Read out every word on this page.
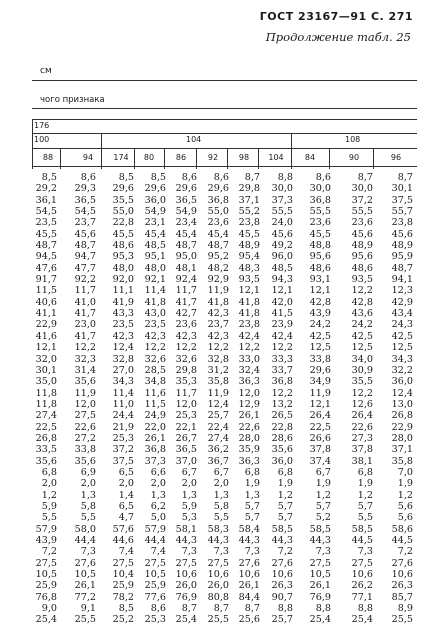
ГОСТ 23167—91 С. 271
Продолжение табл. 25
см
чого признака
176
100	104	108
88	94	174	80	86	92	98	104	84	90	96
8,5	8,6	8,5	8,5	8,6	8,6	8,7	8,8	8,6	8,7	8,7
29,2	29,3	29,6	29,6	29,6	29,6	29,8	30,0	30,0	30,0	30,1
36,1	36,5	35,5	36,0	36,5	36,8	37,1	37,3	36,8	37,2	37,5
54,5	54,5	55,0	54,9	54,9	55,0	55,2	55,5	55,5	55,5	55,7
23,5	23,7	22,8	23,1	23,4	23,6	23,8	24,0	23,6	23,6	23,8
45,5	45,6	45,5	45,4	45,4	45,4	45,5	45,6	45,5	45,6	45,6
48,7	48,7	48,6	48,5	48,7	48,7	48,9	49,2	48,8	48,9	48,9
94,5	94,7	95,3	95,1	95,0	95,2	95,4	96,0	95,6	95,6	95,9
47,6	47,7	48,0	48,0	48,1	48,2	48,3	48,5	48,6	48,6	48,7
91,7	92,2	92,0	92,1	92,4	92,9	93,5	94,3	93,1	93,5	94,1
11,5	11,7	11,1	11,4	11,7	11,9	12,1	12,1	12,1	12,2	12,3
40,6	41,0	41,9	41,8	41,7	41,8	41,8	42,0	42,8	42,8	42,9
41,1	41,7	43,3	43,0	42,7	42,3	41,8	41,5	43,9	43,6	43,4
22,9	23,0	23,5	23,5	23,6	23,7	23,8	23,9	24,2	24,2	24,3
41,6	41,7	42,3	42,3	42,3	42,3	42,4	42,4	42,5	42,5	42,5
12,1	12,2	12,4	12,2	12,2	12,2	12,2	12,2	12,5	12,5	12,5
32,0	32,3	32,8	32,6	32,6	32,8	33,0	33,3	33,8	34,0	34,3
30,1	31,4	27,0	28,5	29,8	31,2	32,4	33,7	29,6	30,9	32,2
35,0	35,6	34,3	34,8	35,3	35,8	36,3	36,8	34,9	35,5	36,0
11,8	11,9	11,4	11,6	11,7	11,9	12,0	12,2	11,9	12,2	12,4
11,8	12,0	11,0	11,5	12,0	12,4	12,9	13,2	12,1	12,6	13,0
27,4	27,5	24,4	24,9	25,3	25,7	26,1	26,5	26,4	26,4	26,8
22,5	22,6	21,9	22,0	22,1	22,4	22,6	22,8	22,5	22,6	22,9
26,8	27,2	25,3	26,1	26,7	27,4	28,0	28,6	26,6	27,3	28,0
33,5	33,8	37,2	36,8	36,5	36,2	35,9	35,6	37,8	37,8	37,1
35,6	35,6	37,5	37,3	37,0	36,7	36,3	36,0	37,4	38,1	35,8
6,8	6,9	6,5	6,6	6,7	6,7	6,8	6,8	6,7	6,8	7,0
2,0	2,0	2,0	2,0	2,0	2,0	1,9	1,9	1,9	1,9	1,9
1,2	1,3	1,4	1,3	1,3	1,3	1,3	1,2	1,2	1,2	1,2
5,9	5,8	6,5	6,2	5,9	5,8	5,7	5,7	5,7	5,7	5,6
5,5	5,5	4,7	5,0	5,3	5,5	5,7	5,7	5,2	5,5	5,6
57,9	58,0	57,6	57,9	58,1	58,3	58,4	58,5	58,5	58,5	58,6
43,9	44,4	44,6	44,4	44,3	44,3	44,3	44,3	44,3	44,5	44,5
7,2	7,3	7,4	7,4	7,3	7,3	7,3	7,2	7,3	7,3	7,2
27,5	27,6	27,5	27,5	27,5	27,5	27,6	27,6	27,5	27,5	27,6
10,5	10,5	10,4	10,5	10,6	10,6	10,6	10,6	10,5	10,6	10,6
25,9	26,1	25,9	25,9	26,0	26,0	26,1	26,3	26,1	26,2	26,3
76,8	77,2	78,2	77,6	76,9	80,8	84,4	90,7	76,9	77,1	85,7
9,0	9,1	8,5	8,6	8,7	8,7	8,7	8,8	8,8	8,8	8,9
25,4	25,5	25,2	25,3	25,4	25,5	25,6	25,7	25,4	25,4	25,5
